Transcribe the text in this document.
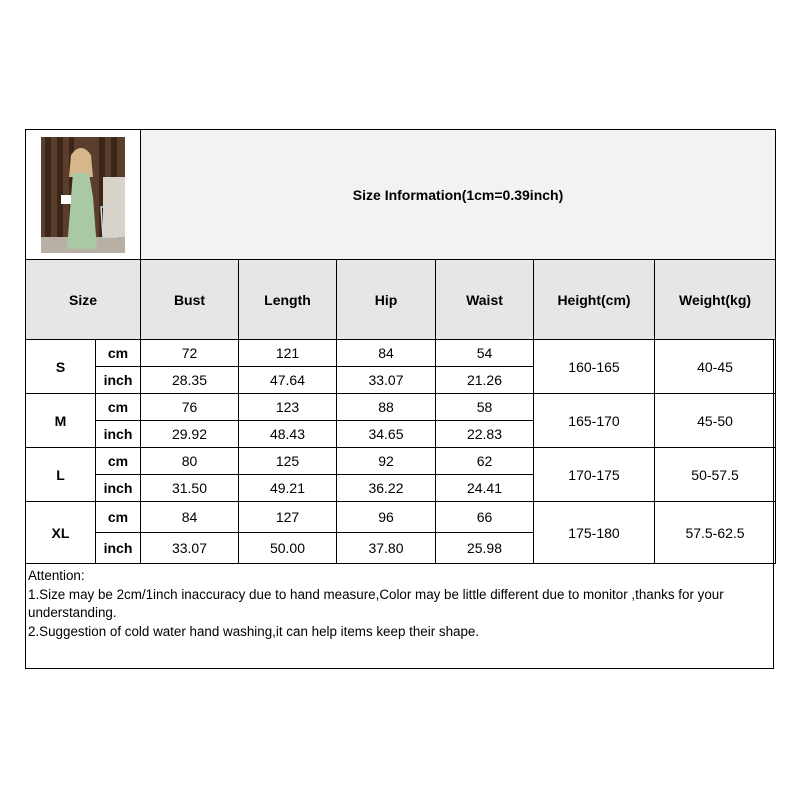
	Size Information(1cm=0.39inch)					
Size		Bust	Length	Hip	Waist	Height(cm)	Weight(kg)
S	cm	72	121	84	54	160-165	40-45
	inch	28.35	47.64	33.07	21.26		
M	cm	76	123	88	58	165-170	45-50
	inch	29.92	48.43	34.65	22.83		
L	cm	80	125	92	62	170-175	50-57.5
	inch	31.50	49.21	36.22	24.41		
XL	cm	84	127	96	66	175-180	57.5-62.5
	inch	33.07	50.00	37.80	25.98		
Attention:
1.Size may be 2cm/1inch inaccuracy due to hand measure,Color may be little different due to monitor ,thanks for your understanding.
2.Suggestion of cold water hand washing,it can help items keep their shape.
